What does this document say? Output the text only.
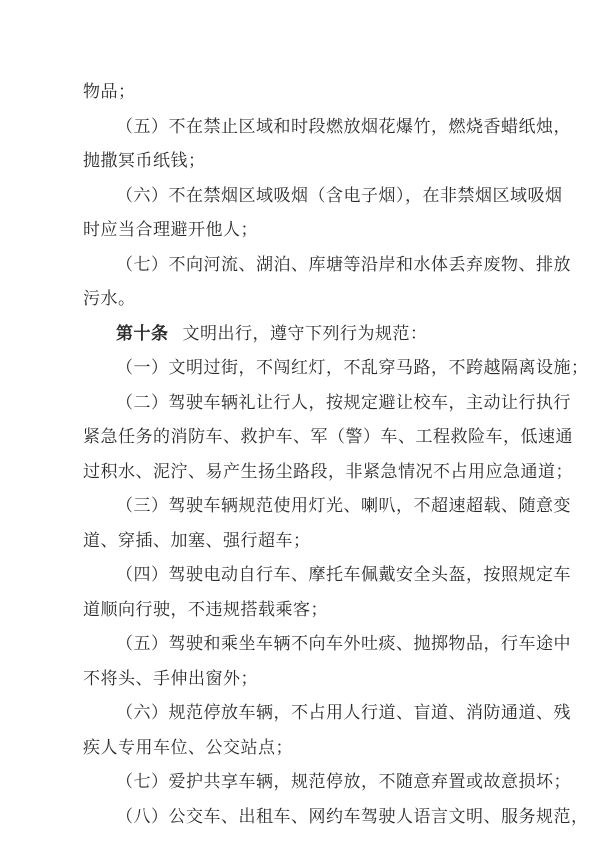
物品；
（五）不在禁止区域和时段燃放烟花爆竹，燃烧香蜡纸烛，
抛撒冥币纸钱；
（六）不在禁烟区域吸烟（含电子烟），在非禁烟区域吸烟
时应当合理避开他人；
（七）不向河流、湖泊、库塘等沿岸和水体丢弃废物、排放
污水。
第十条 文明出行，遵守下列行为规范：
（一）文明过街，不闯红灯，不乱穿马路，不跨越隔离设施；
（二）驾驶车辆礼让行人，按规定避让校车，主动让行执行
紧急任务的消防车、救护车、军（警）车、工程救险车，低速通
过积水、泥泞、易产生扬尘路段，非紧急情况不占用应急通道；
（三）驾驶车辆规范使用灯光、喇叭，不超速超载、随意变
道、穿插、加塞、强行超车；
（四）驾驶电动自行车、摩托车佩戴安全头盔，按照规定车
道顺向行驶，不违规搭载乘客；
（五）驾驶和乘坐车辆不向车外吐痰、抛掷物品，行车途中
不将头、手伸出窗外；
（六）规范停放车辆，不占用人行道、盲道、消防通道、残
疾人专用车位、公交站点；
（七）爱护共享车辆，规范停放，不随意弃置或故意损坏；
（八）公交车、出租车、网约车驾驶人语言文明、服务规范，
